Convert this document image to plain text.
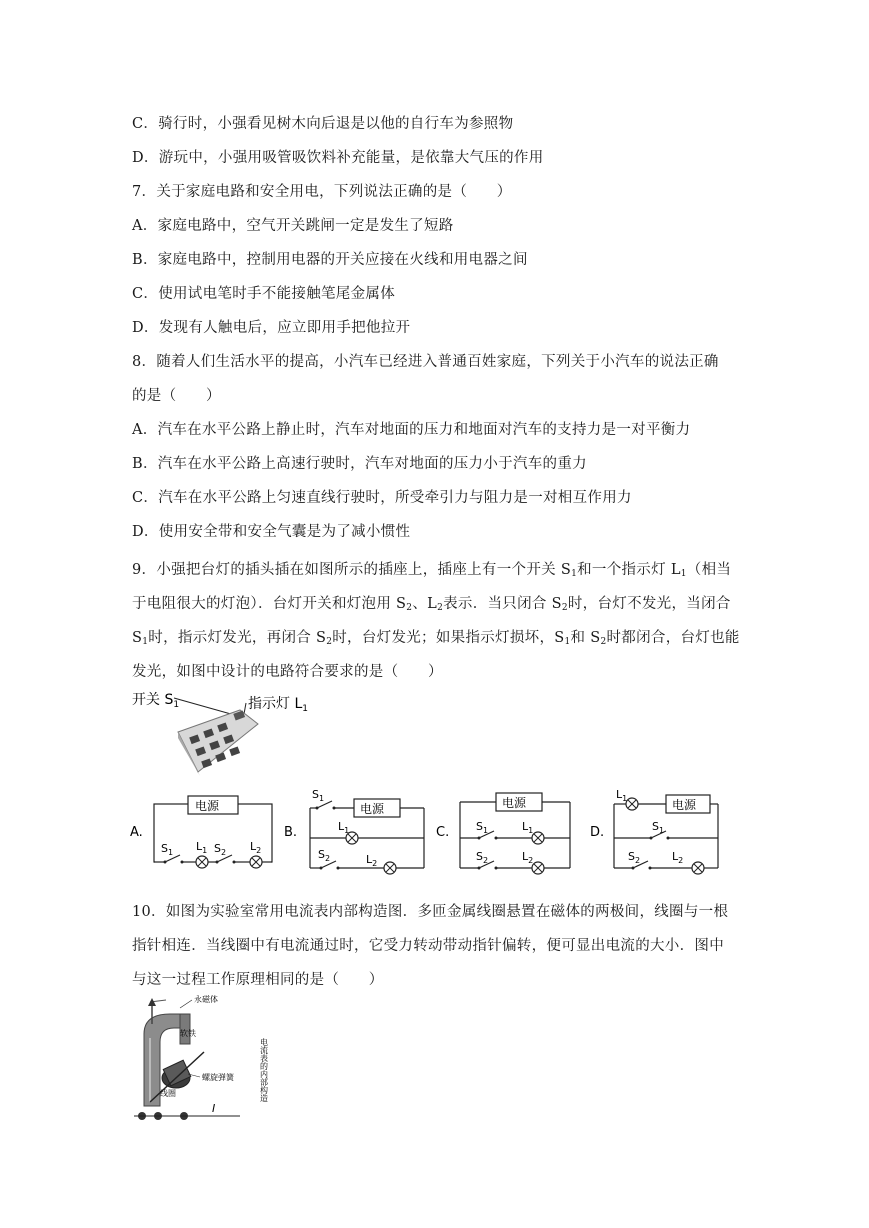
C．骑行时，小强看见树木向后退是以他的自行车为参照物
D．游玩中，小强用吸管吸饮料补充能量，是依靠大气压的作用
7．关于家庭电路和安全用电，下列说法正确的是（　　）
A．家庭电路中，空气开关跳闸一定是发生了短路
B．家庭电路中，控制用电器的开关应接在火线和用电器之间
C．使用试电笔时手不能接触笔尾金属体
D．发现有人触电后，应立即用手把他拉开
8．随着人们生活水平的提高，小汽车已经进入普通百姓家庭，下列关于小汽车的说法正确
的是（　　）
A．汽车在水平公路上静止时，汽车对地面的压力和地面对汽车的支持力是一对平衡力
B．汽车在水平公路上高速行驶时，汽车对地面的压力小于汽车的重力
C．汽车在水平公路上匀速直线行驶时，所受牵引力与阻力是一对相互作用力
D．使用安全带和安全气囊是为了减小惯性
9．小强把台灯的插头插在如图所示的插座上，插座上有一个开关 $S_1$和一个指示灯 $L_1$（相当
于电阻很大的灯泡）．台灯开关和灯泡用 $S_2$、$L_2$表示．当只闭合 $S_2$时，台灯不发光，当闭合
$S_1$时，指示灯发光，再闭合 $S_2$时，台灯发光；如果指示灯损坏，$S_1$和 $S_2$时都闭合，台灯也能
发光，如图中设计的电路符合要求的是（　　）
开关 $S_1$	指示灯 $L_1$
A.
电源
$S_1$ $L_1$ $S_2$ $L_2$
B.
电源
$S_1$
$L_1$
$S_2$	$L_2$
C.
电源
$S_1$	$L_1$
$S_2$	$L_2$
D.
电源
$L_1$
$S_1$
$S_2$	$L_2$
10．如图为实验室常用电流表内部构造图．多匝金属线圈悬置在磁体的两极间，线圈与一根
指针相连．当线圈中有电流通过时，它受力转动带动指针偏转，便可显出电流的大小．图中
与这一过程工作原理相同的是（　　）
永磁体
软铁
螺旋弹簧
线圈
I
电流表的内部构造
